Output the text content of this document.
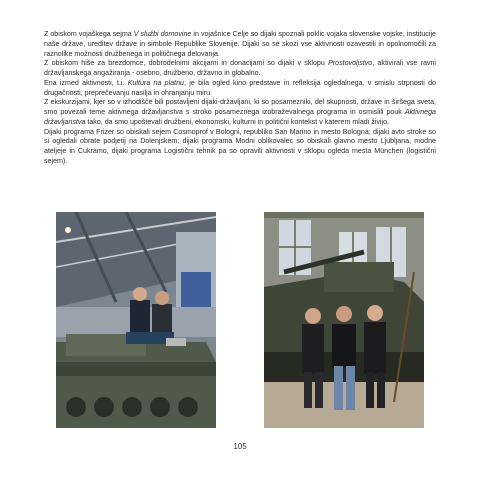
Z obiskom vojaškega sejma V službi domovine in vojašnice Celje so dijaki spoznali poklic vojaka slovenske vojske, institucije naše države, ureditev države in simbole Republike Slovenije. Dijaki so se skozi vse aktivnosti ozavestili in opolnomočili za raznolike možnosti družbenega in političnega delovanja.

Z obiskom hiše za brezdomce, dobrodelnimi akcijami in donacijami so dijaki v sklopu Prostovoljstvo, aktivirali vse ravni državljanskega angažiranja - osebno, družbeno, državno in globalno.

Ena izmed aktivnosti, t.i. Kultura na platnu, je bila ogled kino predstave in refleksija ogledalnega, v smislu strpnosti do drugačnosti, preprečevanju nasilja in ohranjanju miru.

Z ekskurzijami, kjer so v izhodišče bili postavljeni dijaki-državljani, ki so posamezniki, del skupnosti, države in širšega sveta, smo povezali teme aktivnega državljanstva s stroko posameznega izobraževalnega programa in osmislili pouk Aktivnega državljanstva tako, da smo upoštevali družbeni, ekonomski, kulturni in politični kontekst v katerem mladi živijo.

Dijaki programa Frizer so obiskali sejem Cosmoprof v Bologni, republiko San Marino in mesto Bologna; dijaki avto stroke so si ogledali obrate podjetij na Dolenjskem; dijaki programa Modni oblikovalec so obiskali glavno mesto Ljubljana, modne ateljeje in Cukramo, dijaki programa Logistični tehnik pa so opravili aktivnosti v sklopu ogleda mesta München (logistični sejem).

105
